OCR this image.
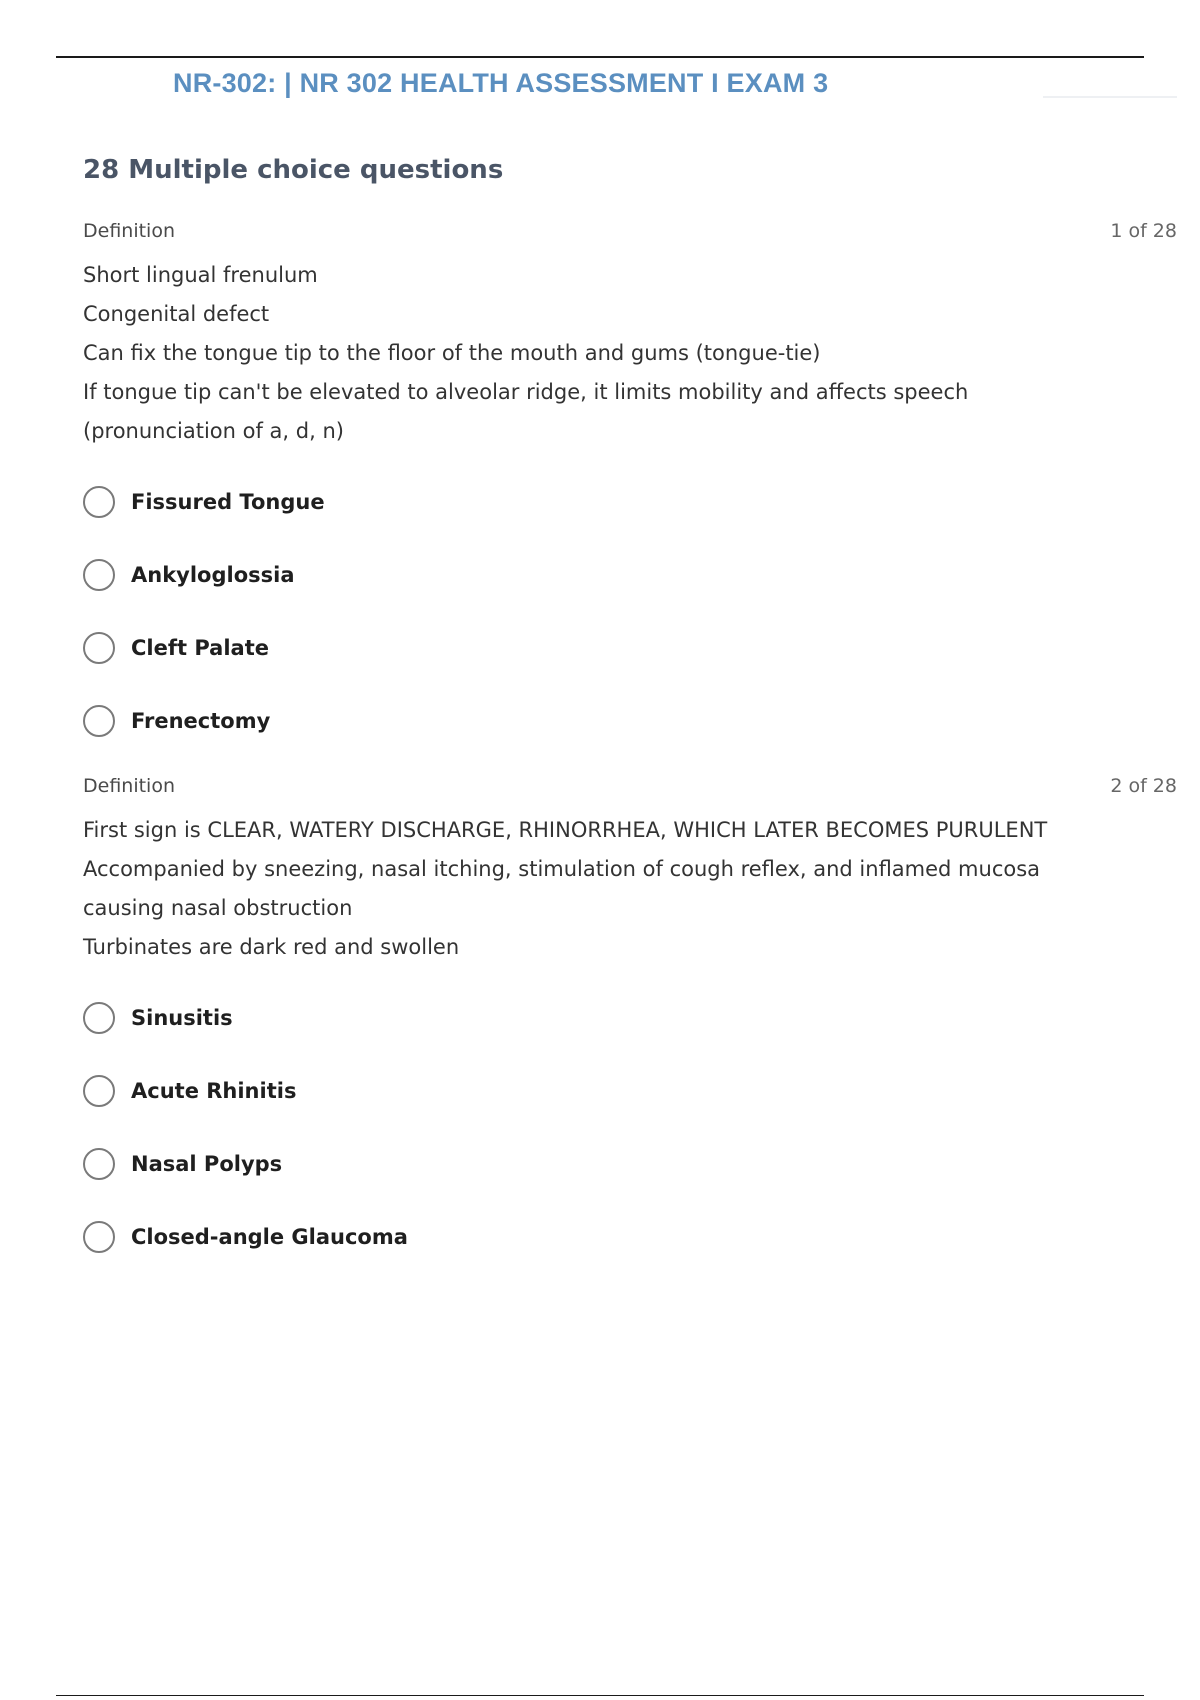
NR-302: | NR 302 HEALTH ASSESSMENT I EXAM 3
28 Multiple choice questions
Definition	1 of 28
Short lingual frenulum
Congenital defect
Can fix the tongue tip to the floor of the mouth and gums (tongue-tie)
If tongue tip can't be elevated to alveolar ridge, it limits mobility and affects speech
(pronunciation of a, d, n)
Fissured Tongue
Ankyloglossia
Cleft Palate
Frenectomy
Definition	2 of 28
First sign is CLEAR, WATERY DISCHARGE, RHINORRHEA, WHICH LATER BECOMES PURULENT
Accompanied by sneezing, nasal itching, stimulation of cough reflex, and inflamed mucosa
causing nasal obstruction
Turbinates are dark red and swollen
Sinusitis
Acute Rhinitis
Nasal Polyps
Closed-angle Glaucoma
